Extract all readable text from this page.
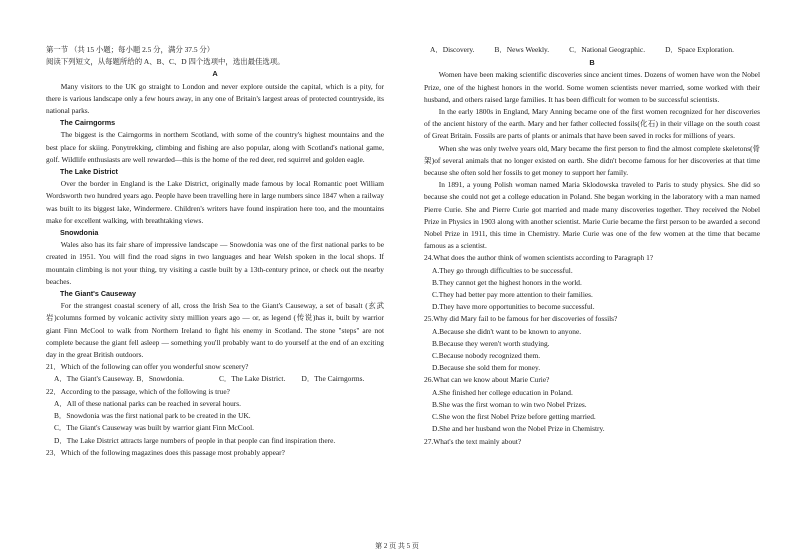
第一节 （共 15 小题；每小题 2.5 分，满分 37.5 分）

阅读下列短文，从每题所给的 A、B、C、D 四个选项中，选出最佳选项。

A

Many visitors to the UK go straight to London and never explore outside the capital, which is a pity, for there is various landscape only a few hours away, in any one of Britain's largest areas of protected countryside, its national parks.

The Cairngorms

The biggest is the Cairngorms in northern Scotland, with some of the country's highest mountains and the best place for skiing. Ponytrekking, climbing and fishing are also popular, along with Scotland's national game, golf. Wildlife enthusiasts are well rewarded—this is the home of the red deer, red squirrel and golden eagle.

The Lake District

Over the border in England is the Lake District, originally made famous by local Romantic poet William Wordsworth two hundred years ago. People have been travelling here in large numbers since 1847 when a railway was built to its biggest lake, Windermere. Children's writers have found inspiration here too, and the mountains make for excellent walking, with breathtaking views.

Snowdonia

Wales also has its fair share of impressive landscape — Snowdonia was one of the first national parks to be created in 1951. You will find the road signs in two languages and hear Welsh spoken in the local shops. If mountain climbing is not your thing, try visiting a castle built by a 13th-century prince, or check out the nearby beaches.

The Giant's Causeway

For the strangest coastal scenery of all, cross the Irish Sea to the Giant's Causeway, a set of basalt (玄武岩)columns formed by volcanic activity sixty million years ago — or, as legend (传说)has it, built by warrior giant Finn McCool to walk from Northern Ireland to fight his enemy in Scotland. The stone "steps" are not complete because the giant fell asleep — something you'll probably want to do yourself at the end of an exciting day in the great British outdoors.

21．Which of the following can offer you wonderful snow scenery?

A．The Giant's Causeway. B．Snowdonia.	C．The Lake District.	D．The Cairngorms.

22．According to the passage, which of the following is true?

A．All of these national parks can be reached in several hours.

B．Snowdonia was the first national park to be created in the UK.

C．The Giant's Causeway was built by warrior giant Finn McCool.

D．The Lake District attracts large numbers of people in that people can find inspiration there.

23．Which of the following magazines does this passage most probably appear?

A．Discovery.	B．News Weekly.	C．National Geographic.	D．Space Exploration.

B

Women have been making scientific discoveries since ancient times. Dozens of women have won the Nobel Prize, one of the highest honors in the world. Some women scientists never married, some worked with their husband, and others raised large families. It has been difficult for women to be successful scientists.

In the early 1800s in England, Mary Anning became one of the first women recognized for her discoveries of the ancient history of the earth. Mary and her father collected fossils(化石) in their village on the south coast of Great Britain. Fossils are parts of plants or animals that have been saved in rocks for millions of years.

When she was only twelve years old, Mary became the first person to find the almost complete skeletons(骨架)of several animals that no longer existed on earth. She didn't become famous for her discoveries at that time because she often sold her fossils to get money to support her family.

In 1891, a young Polish woman named Maria Sklodowska traveled to Paris to study physics. She did so because she could not get a college education in Poland. She began working in the laboratory with a man named Pierre Curie. She and Pierre Curie got married and made many discoveries together. They received the Nobel Prize in Physics in 1903 along with another scientist. Marie Curie became the first person to be awarded a second Nobel Prize in 1911, this time in Chemistry. Marie Curie was one of the few women at the time that became famous as a scientist.

24.What does the author think of women scientists according to Paragraph 1?

A.They go through difficulties to be successful.

B.They cannot get the highest honors in the world.

C.They had better pay more attention to their families.

D.They have more opportunities to become successful.

25.Why did Mary fail to be famous for her discoveries of fossils?

A.Because she didn't want to be known to anyone.

B.Because they weren't worth studying.

C.Because nobody recognized them.

D.Because she sold them for money.

26.What can we know about Marie Curie?

A.She finished her college education in Poland.

B.She was the first woman to win two Nobel Prizes.

C.She won the first Nobel Prize before getting married.

D.She and her husband won the Nobel Prize in Chemistry.

27.What's the text mainly about?

第 2 页 共 5 页
